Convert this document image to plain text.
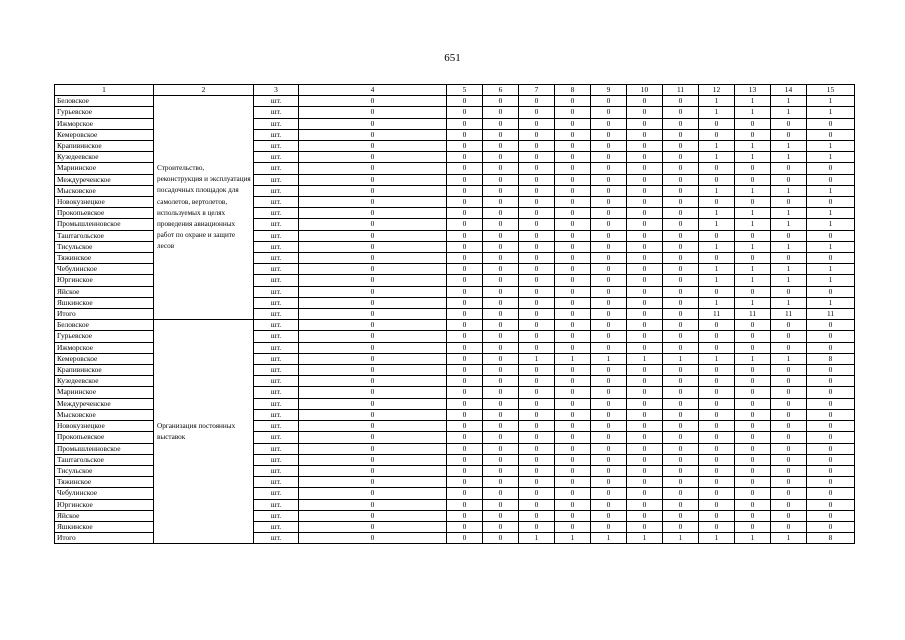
651
1	2	3	4	5	6	7	8	9	10	11	12	13	14	15
Беловское	Строительство, реконструкция и эксплуатация посадочных площадок для самолетов, вертолетов, используемых в целях проведения авиационных работ по охране и защите лесов	шт.	0	0	0	0	0	0	0	0	1	1	1	1
Гурьевское		шт.	0	0	0	0	0	0	0	0	1	1	1	1
Ижморское		шт.	0	0	0	0	0	0	0	0	0	0	0	0
Кемеровское		шт.	0	0	0	0	0	0	0	0	0	0	0	0
Крапивинское		шт.	0	0	0	0	0	0	0	0	1	1	1	1
Кузедеевское		шт.	0	0	0	0	0	0	0	0	1	1	1	1
Мариинское		шт.	0	0	0	0	0	0	0	0	0	0	0	0
Междуреченское		шт.	0	0	0	0	0	0	0	0	0	0	0	0
Мысковское		шт.	0	0	0	0	0	0	0	0	1	1	1	1
Новокузнецкое		шт.	0	0	0	0	0	0	0	0	0	0	0	0
Прокопьевское		шт.	0	0	0	0	0	0	0	0	1	1	1	1
Промышленновское		шт.	0	0	0	0	0	0	0	0	1	1	1	1
Таштагольское		шт.	0	0	0	0	0	0	0	0	0	0	0	0
Тисульское		шт.	0	0	0	0	0	0	0	0	1	1	1	1
Тяжинское		шт.	0	0	0	0	0	0	0	0	0	0	0	0
Чебулинское		шт.	0	0	0	0	0	0	0	0	1	1	1	1
Юргинское		шт.	0	0	0	0	0	0	0	0	1	1	1	1
Яйское		шт.	0	0	0	0	0	0	0	0	0	0	0	0
Яшкинское		шт.	0	0	0	0	0	0	0	0	1	1	1	1
Итого		шт.	0	0	0	0	0	0	0	0	11	11	11	11
Беловское	Организация постоянных выставок	шт.	0	0	0	0	0	0	0	0	0	0	0	0
Гурьевское		шт.	0	0	0	0	0	0	0	0	0	0	0	0
Ижморское		шт.	0	0	0	0	0	0	0	0	0	0	0	0
Кемеровское		шт.	0	0	0	1	1	1	1	1	1	1	1	8
Крапивинское		шт.	0	0	0	0	0	0	0	0	0	0	0	0
Кузедеевское		шт.	0	0	0	0	0	0	0	0	0	0	0	0
Мариинское		шт.	0	0	0	0	0	0	0	0	0	0	0	0
Междуреченское		шт.	0	0	0	0	0	0	0	0	0	0	0	0
Мысковское		шт.	0	0	0	0	0	0	0	0	0	0	0	0
Новокузнецкое		шт.	0	0	0	0	0	0	0	0	0	0	0	0
Прокопьевское		шт.	0	0	0	0	0	0	0	0	0	0	0	0
Промышленновское		шт.	0	0	0	0	0	0	0	0	0	0	0	0
Таштагольское		шт.	0	0	0	0	0	0	0	0	0	0	0	0
Тисульское		шт.	0	0	0	0	0	0	0	0	0	0	0	0
Тяжинское		шт.	0	0	0	0	0	0	0	0	0	0	0	0
Чебулинское		шт.	0	0	0	0	0	0	0	0	0	0	0	0
Юргинское		шт.	0	0	0	0	0	0	0	0	0	0	0	0
Яйское		шт.	0	0	0	0	0	0	0	0	0	0	0	0
Яшкинское		шт.	0	0	0	0	0	0	0	0	0	0	0	0
Итого		шт.	0	0	0	1	1	1	1	1	1	1	1	8
